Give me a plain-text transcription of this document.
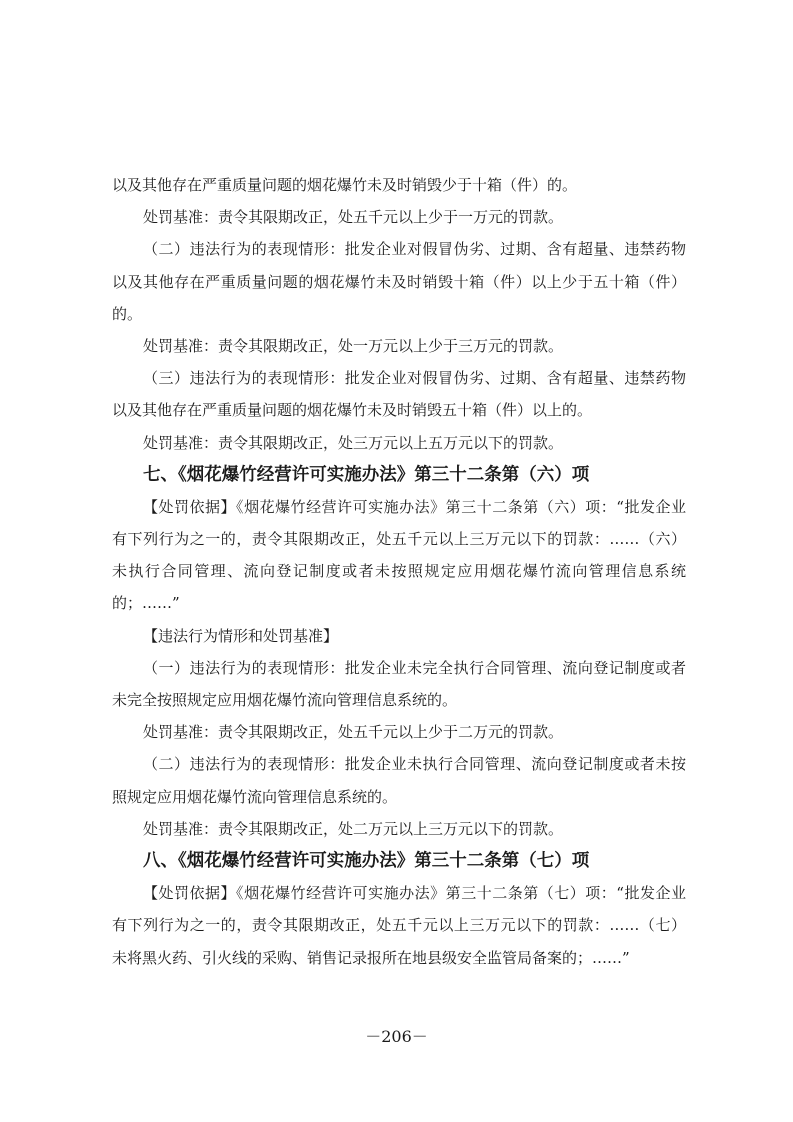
以及其他存在严重质量问题的烟花爆竹未及时销毁少于十箱（件）的。
处罚基准：责令其限期改正，处五千元以上少于一万元的罚款。
（二）违法行为的表现情形：批发企业对假冒伪劣、过期、含有超量、违禁药物
以及其他存在严重质量问题的烟花爆竹未及时销毁十箱（件）以上少于五十箱（件）
的。
处罚基准：责令其限期改正，处一万元以上少于三万元的罚款。
（三）违法行为的表现情形：批发企业对假冒伪劣、过期、含有超量、违禁药物
以及其他存在严重质量问题的烟花爆竹未及时销毁五十箱（件）以上的。
处罚基准：责令其限期改正，处三万元以上五万元以下的罚款。
七、《烟花爆竹经营许可实施办法》第三十二条第（六）项
【处罚依据】《烟花爆竹经营许可实施办法》第三十二条第（六）项：“批发企业
有下列行为之一的，责令其限期改正，处五千元以上三万元以下的罚款：……（六）
未执行合同管理、流向登记制度或者未按照规定应用烟花爆竹流向管理信息系统
的；……”
【违法行为情形和处罚基准】
（一）违法行为的表现情形：批发企业未完全执行合同管理、流向登记制度或者
未完全按照规定应用烟花爆竹流向管理信息系统的。
处罚基准：责令其限期改正，处五千元以上少于二万元的罚款。
（二）违法行为的表现情形：批发企业未执行合同管理、流向登记制度或者未按
照规定应用烟花爆竹流向管理信息系统的。
处罚基准：责令其限期改正，处二万元以上三万元以下的罚款。
八、《烟花爆竹经营许可实施办法》第三十二条第（七）项
【处罚依据】《烟花爆竹经营许可实施办法》第三十二条第（七）项：“批发企业
有下列行为之一的，责令其限期改正，处五千元以上三万元以下的罚款：……（七）
未将黑火药、引火线的采购、销售记录报所在地县级安全监管局备案的；……”
－206－
